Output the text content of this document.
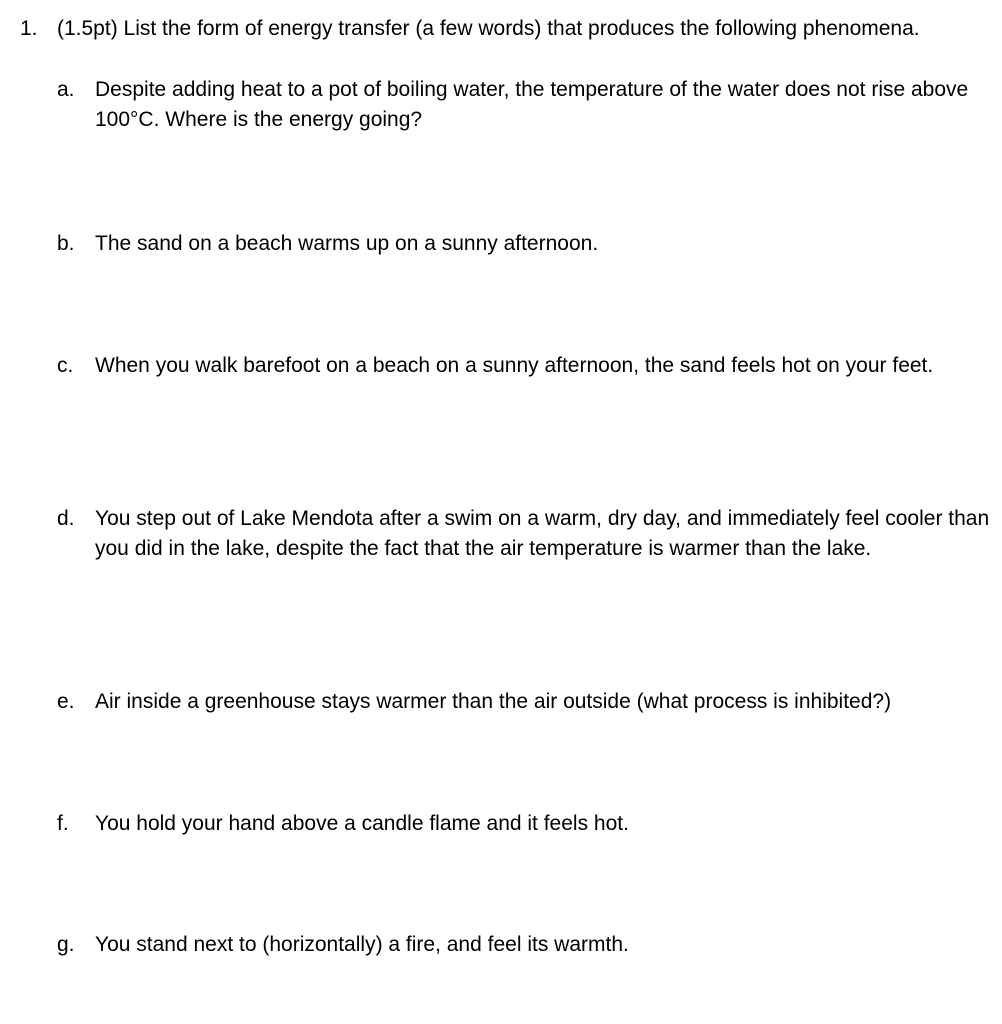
1. (1.5pt) List the form of energy transfer (a few words) that produces the following phenomena.
a. Despite adding heat to a pot of boiling water, the temperature of the water does not rise above 100°C. Where is the energy going?
b. The sand on a beach warms up on a sunny afternoon.
c.	When you walk barefoot on a beach on a sunny afternoon, the sand feels hot on your feet.
d. You step out of Lake Mendota after a swim on a warm, dry day, and immediately feel cooler than you did in the lake, despite the fact that the air temperature is warmer than the lake.
e. Air inside a greenhouse stays warmer than the air outside (what process is inhibited?)
f.	You hold your hand above a candle flame and it feels hot.
g. You stand next to (horizontally) a fire, and feel its warmth.
